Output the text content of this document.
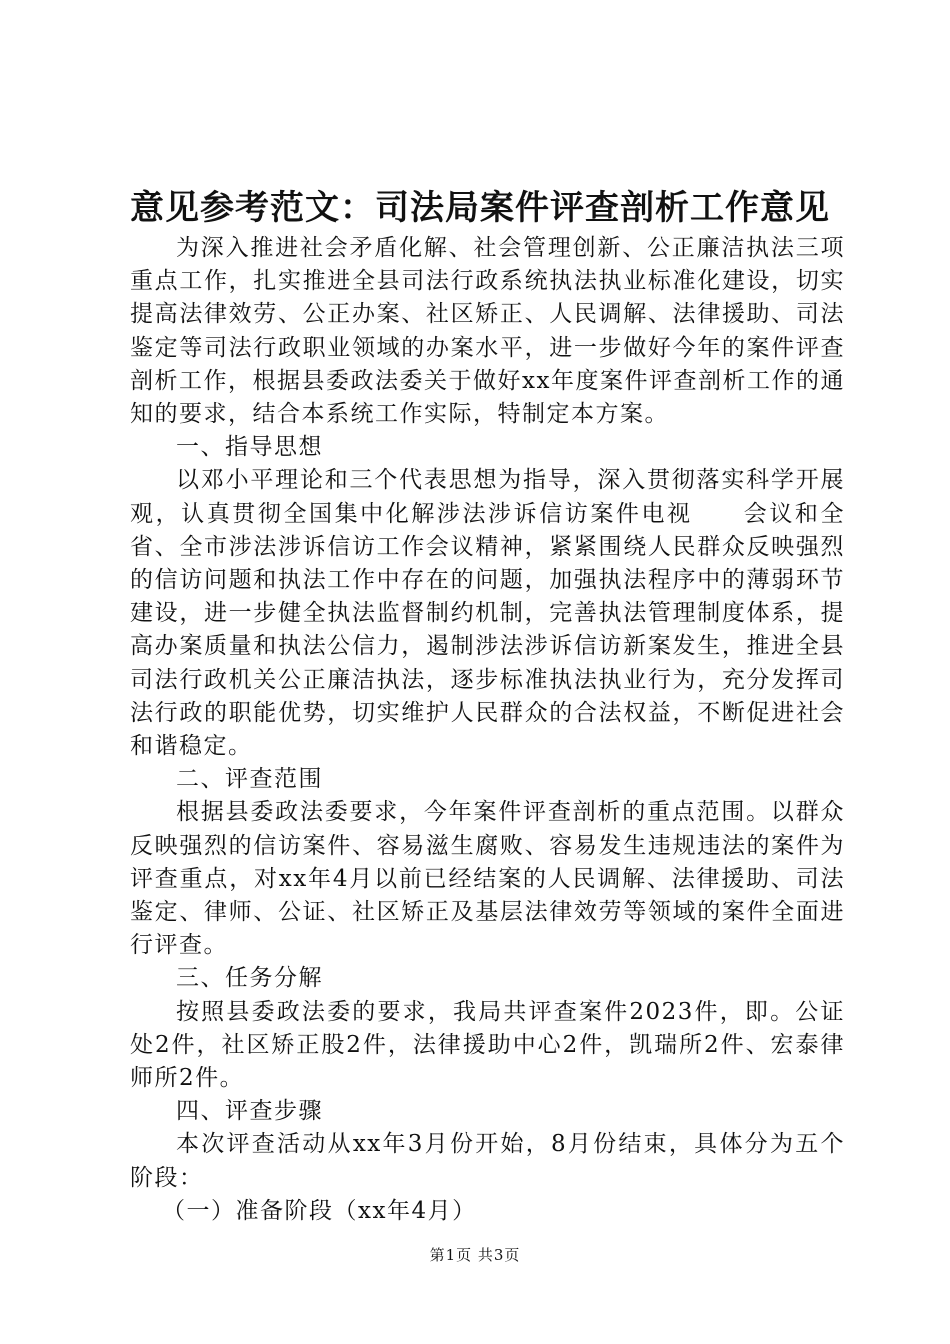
意见参考范文：司法局案件评查剖析工作意见

为深入推进社会矛盾化解、社会管理创新、公正廉洁执法三项重点工作，扎实推进全县司法行政系统执法执业标准化建设，切实提高法律效劳、公正办案、社区矫正、人民调解、法律援助、司法鉴定等司法行政职业领域的办案水平，进一步做好今年的案件评查剖析工作，根据县委政法委关于做好xx年度案件评查剖析工作的通知的要求，结合本系统工作实际，特制定本方案。

一、指导思想

以邓小平理论和三个代表思想为指导，深入贯彻落实科学开展观，认真贯彻全国集中化解涉法涉诉信访案件电视　　会议和全省、全市涉法涉诉信访工作会议精神，紧紧围绕人民群众反映强烈的信访问题和执法工作中存在的问题，加强执法程序中的薄弱环节建设，进一步健全执法监督制约机制，完善执法管理制度体系，提高办案质量和执法公信力，遏制涉法涉诉信访新案发生，推进全县司法行政机关公正廉洁执法，逐步标准执法执业行为，充分发挥司法行政的职能优势，切实维护人民群众的合法权益，不断促进社会和谐稳定。

二、评查范围

根据县委政法委要求，今年案件评查剖析的重点范围。以群众反映强烈的信访案件、容易滋生腐败、容易发生违规违法的案件为评查重点，对xx年4月以前已经结案的人民调解、法律援助、司法鉴定、律师、公证、社区矫正及基层法律效劳等领域的案件全面进行评查。

三、任务分解

按照县委政法委的要求，我局共评查案件2023件，即。公证处2件，社区矫正股2件，法律援助中心2件，凯瑞所2件、宏泰律师所2件。

四、评查步骤

本次评查活动从xx年3月份开始，8月份结束，具体分为五个阶段：

（一）准备阶段（xx年4月）

第1页 共3页
